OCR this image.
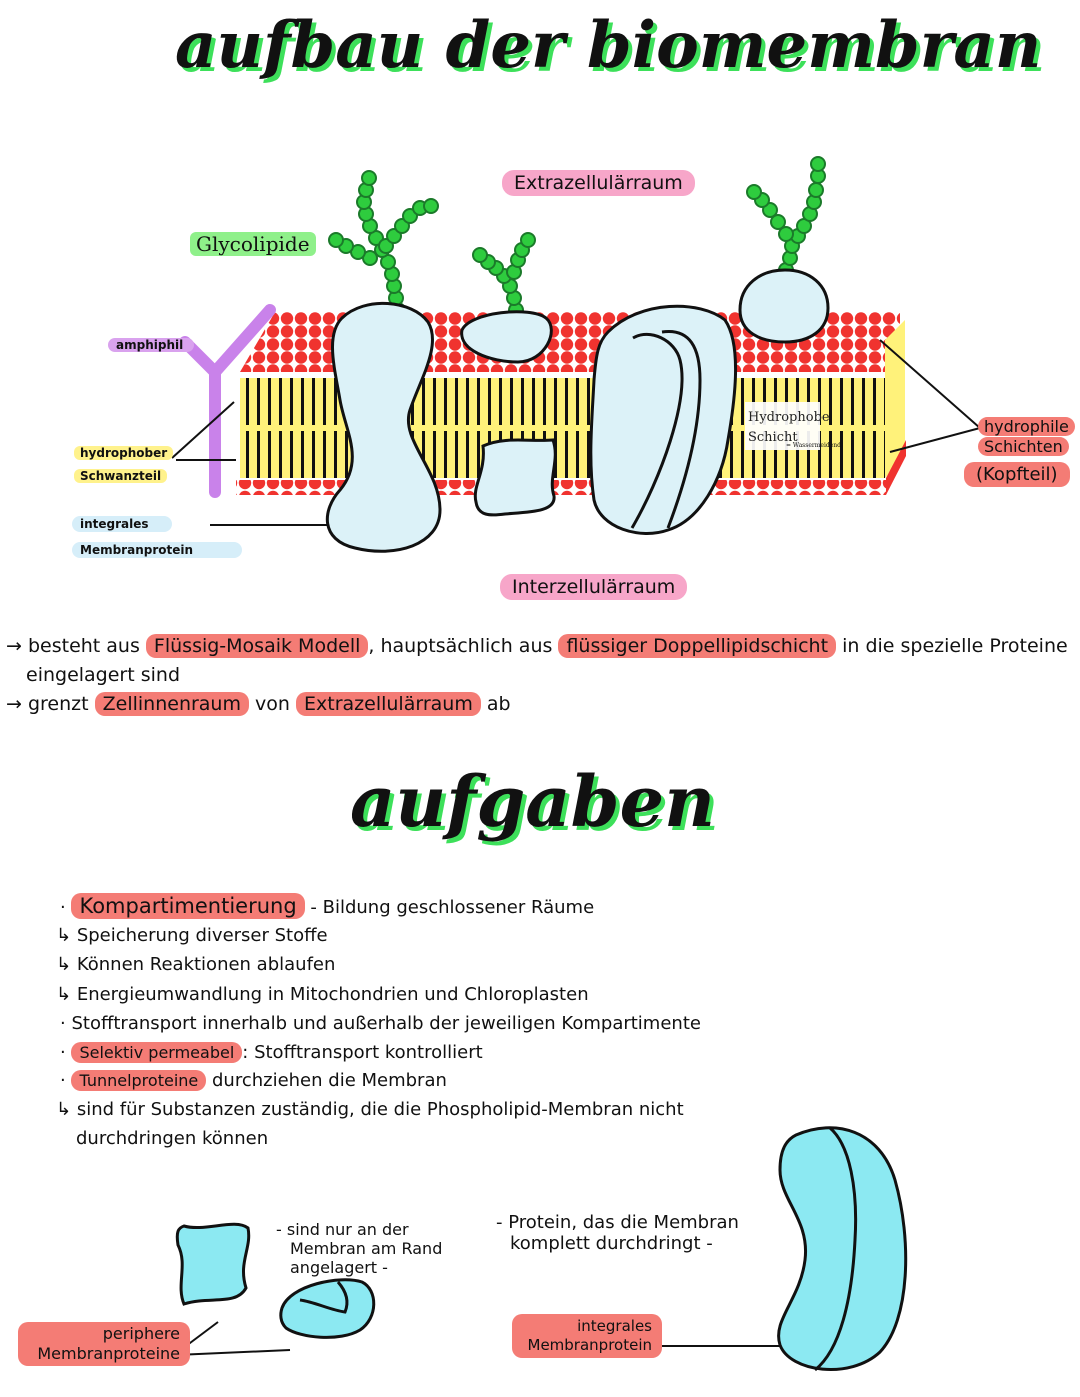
aufbau der biomembran
Extrazellulärraum
Glycolipide
amphiphil
hydrophober
Schwanzteil
integrales
Membranprotein
Hydrophobe
Schicht
= Wassermeidend
hydrophile
Schichten
(Kopfteil)
Interzellulärraum
→ besteht aus Flüssig-Mosaik Modell , hauptsächlich aus flüssiger Doppellipidschicht in die spezielle Proteine
eingelagert sind
→ grenzt Zellinnenraum von Extrazellulärraum ab
aufgaben
· Kompartimentierung - Bildung geschlossener Räume
↳ Speicherung diverser Stoffe
↳ Können Reaktionen ablaufen
↳ Energieumwandlung in Mitochondrien und Chloroplasten
· Stofftransport innerhalb und außerhalb der jeweiligen Kompartimente
· Selektiv permeabel : Stofftransport kontrolliert
· Tunnelproteine durchziehen die Membran
↳ sind für Substanzen zuständig, die die Phospholipid-Membran nicht
durchdringen können
- sind nur an der
Membran am Rand
angelagert -
periphere
Membranproteine
- Protein, das die Membran
komplett durchdringt -
integrales
Membranprotein
